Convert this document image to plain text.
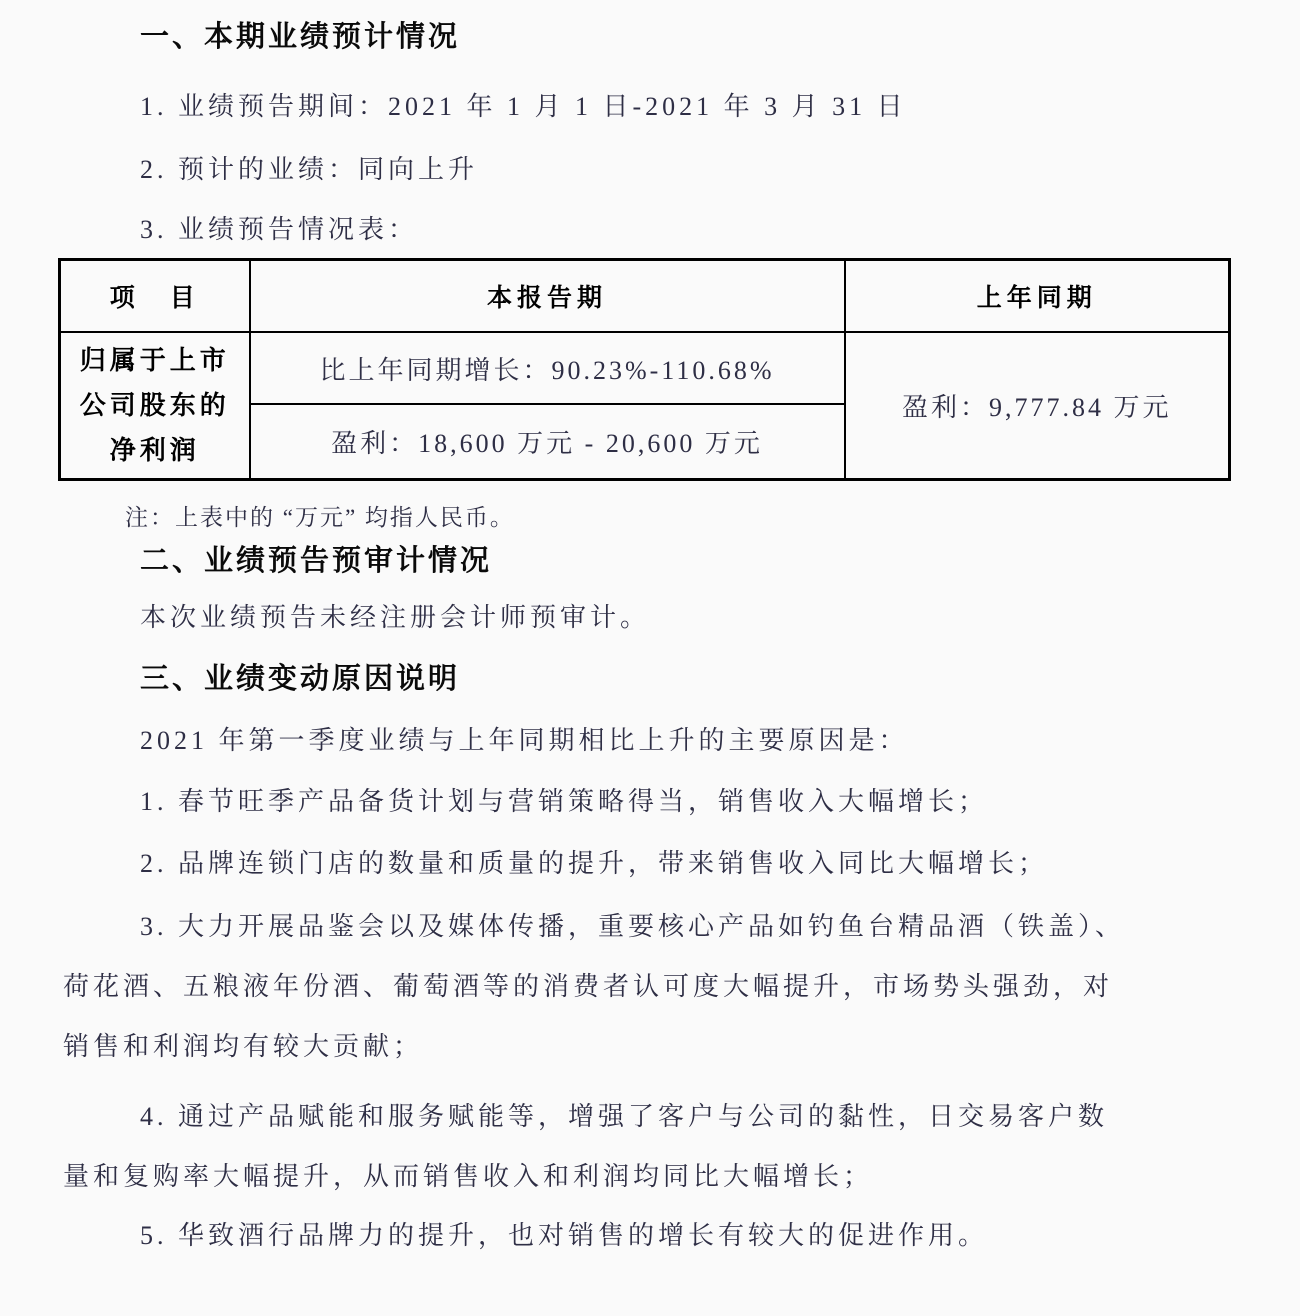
一、本期业绩预计情况
1. 业绩预告期间：2021 年 1 月 1 日-2021 年 3 月 31 日
2. 预计的业绩：同向上升
3. 业绩预告情况表：
项　目	本报告期	上年同期

归属于上市
公司股东的
净利润	比上年同期增长：90.23%-110.68%	盈利：9,777.84 万元
	盈利：18,600 万元 - 20,600 万元	
注：上表中的 “万元” 均指人民币。
二、业绩预告预审计情况
本次业绩预告未经注册会计师预审计。
三、业绩变动原因说明
2021 年第一季度业绩与上年同期相比上升的主要原因是：
1. 春节旺季产品备货计划与营销策略得当，销售收入大幅增长；
2. 品牌连锁门店的数量和质量的提升，带来销售收入同比大幅增长；
3. 大力开展品鉴会以及媒体传播，重要核心产品如钓鱼台精品酒（铁盖）、
荷花酒、五粮液年份酒、葡萄酒等的消费者认可度大幅提升，市场势头强劲，对
销售和利润均有较大贡献；
4. 通过产品赋能和服务赋能等，增强了客户与公司的黏性，日交易客户数
量和复购率大幅提升，从而销售收入和利润均同比大幅增长；
5. 华致酒行品牌力的提升，也对销售的增长有较大的促进作用。
